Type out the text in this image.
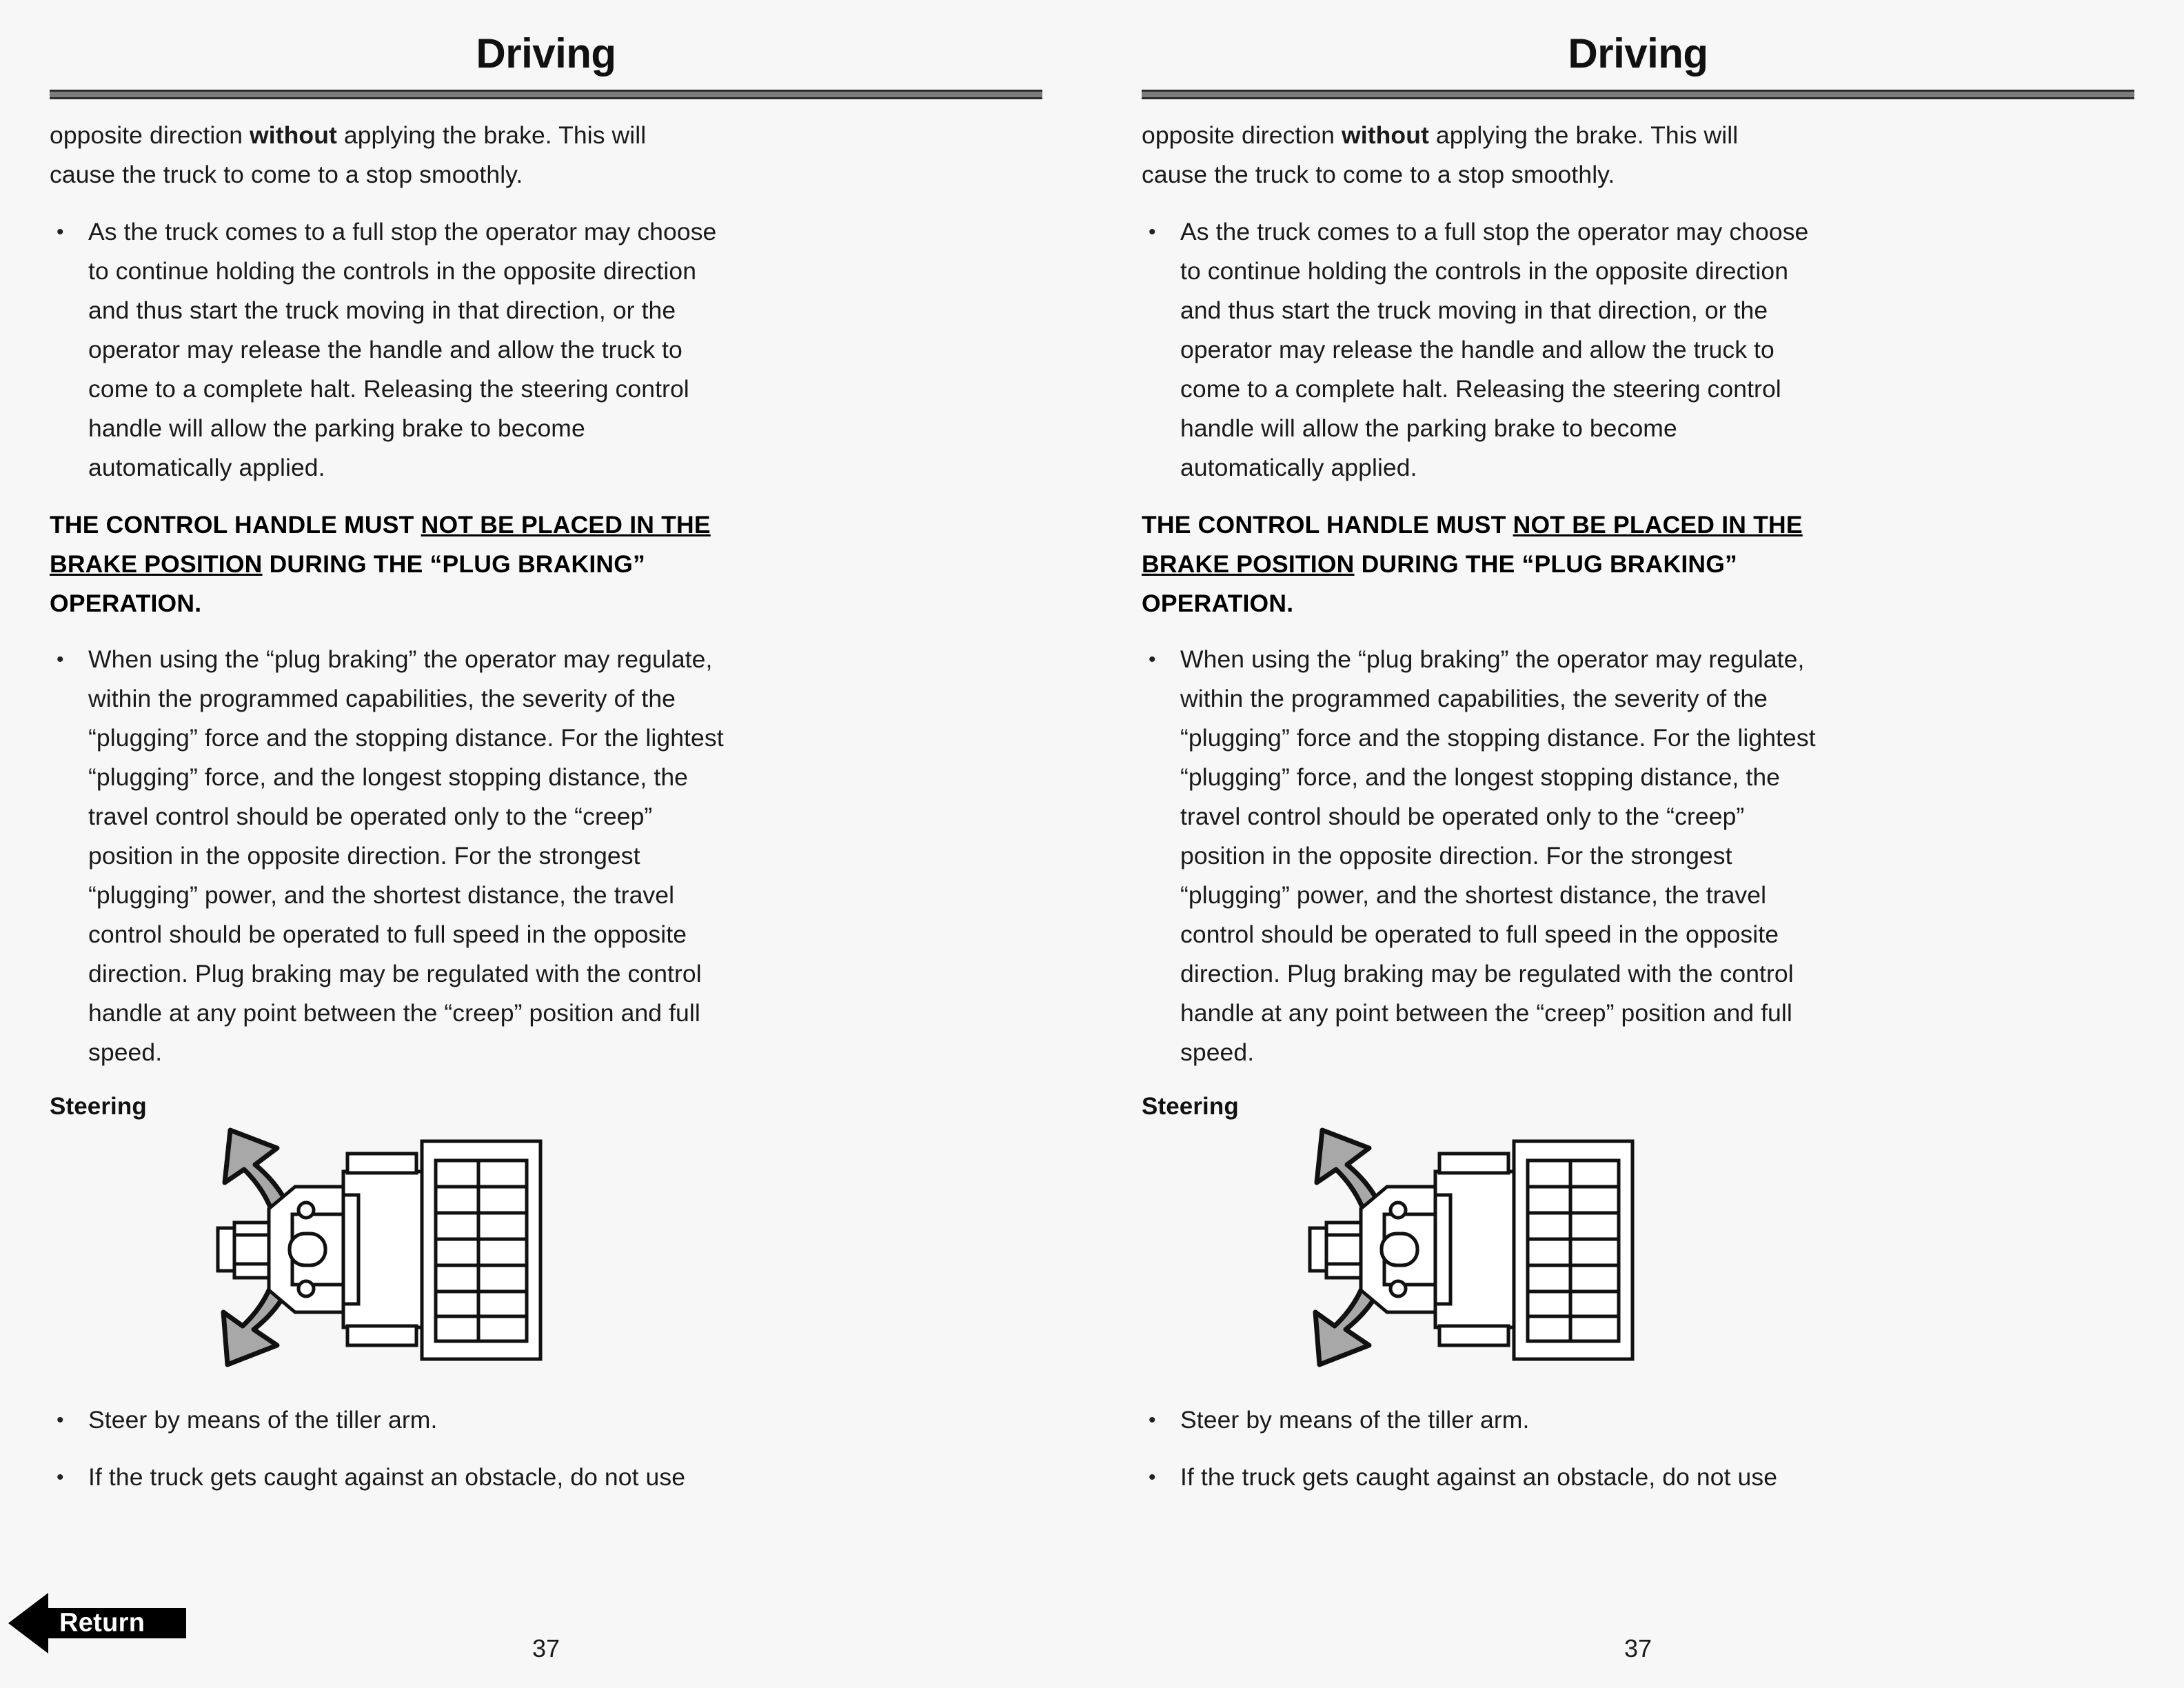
Driving
opposite direction without applying the brake. This will
cause the truck to come to a stop smoothly.
• As the truck comes to a full stop the operator may choose
to continue holding the controls in the opposite direction
and thus start the truck moving in that direction, or the
operator may release the handle and allow the truck to
come to a complete halt. Releasing the steering control
handle will allow the parking brake to become
automatically applied.
THE CONTROL HANDLE MUST NOT BE PLACED IN THE
BRAKE POSITION DURING THE “PLUG BRAKING”
OPERATION.
• When using the “plug braking” the operator may regulate,
within the programmed capabilities, the severity of the
“plugging” force and the stopping distance. For the lightest
“plugging” force, and the longest stopping distance, the
travel control should be operated only to the “creep”
position in the opposite direction. For the strongest
“plugging” power, and the shortest distance, the travel
control should be operated to full speed in the opposite
direction. Plug braking may be regulated with the control
handle at any point between the “creep” position and full
speed.
Steering
• Steer by means of the tiller arm.
• If the truck gets caught against an obstacle, do not use
37
Driving
opposite direction without applying the brake. This will
cause the truck to come to a stop smoothly.
• As the truck comes to a full stop the operator may choose
to continue holding the controls in the opposite direction
and thus start the truck moving in that direction, or the
operator may release the handle and allow the truck to
come to a complete halt. Releasing the steering control
handle will allow the parking brake to become
automatically applied.
THE CONTROL HANDLE MUST NOT BE PLACED IN THE
BRAKE POSITION DURING THE “PLUG BRAKING”
OPERATION.
• When using the “plug braking” the operator may regulate,
within the programmed capabilities, the severity of the
“plugging” force and the stopping distance. For the lightest
“plugging” force, and the longest stopping distance, the
travel control should be operated only to the “creep”
position in the opposite direction. For the strongest
“plugging” power, and the shortest distance, the travel
control should be operated to full speed in the opposite
direction. Plug braking may be regulated with the control
handle at any point between the “creep” position and full
speed.
Steering
• Steer by means of the tiller arm.
• If the truck gets caught against an obstacle, do not use
37
Return
